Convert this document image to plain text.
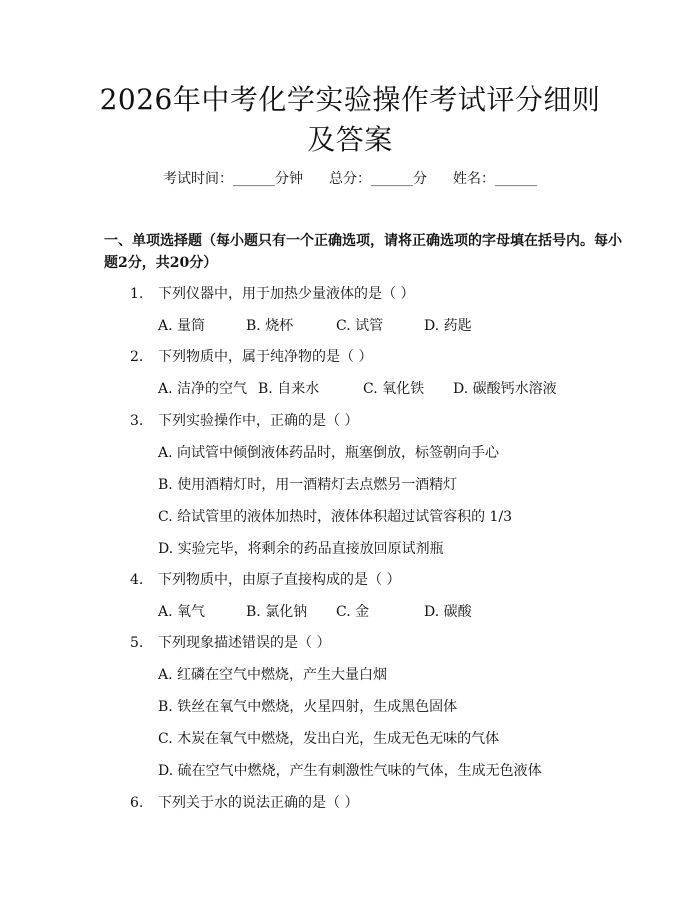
2026年中考化学实验操作考试评分细则及答案
考试时间：______分钟 总分：______分 姓名：______
一、单项选择题（每小题只有一个正确选项，请将正确选项的字母填在括号内。每小题2分，共20分）
1. 下列仪器中，用于加热少量液体的是（ ）
A. 量筒	B. 烧杯	C. 试管	D. 药匙
2. 下列物质中，属于纯净物的是（ ）
A. 洁净的空气 B. 自来水	C. 氧化铁 D. 碳酸钙水溶液
3. 下列实验操作中，正确的是（ ）
A. 向试管中倾倒液体药品时，瓶塞倒放，标签朝向手心
B. 使用酒精灯时，用一酒精灯去点燃另一酒精灯
C. 给试管里的液体加热时，液体体积超过试管容积的 1/3
D. 实验完毕，将剩余的药品直接放回原试剂瓶
4. 下列物质中，由原子直接构成的是（ ）
A. 氧气	B. 氯化钠 C. 金	D. 碳酸
5. 下列现象描述错误的是（ ）
A. 红磷在空气中燃烧，产生大量白烟
B. 铁丝在氧气中燃烧，火星四射，生成黑色固体
C. 木炭在氧气中燃烧，发出白光，生成无色无味的气体
D. 硫在空气中燃烧，产生有刺激性气味的气体，生成无色液体
6. 下列关于水的说法正确的是（ ）
